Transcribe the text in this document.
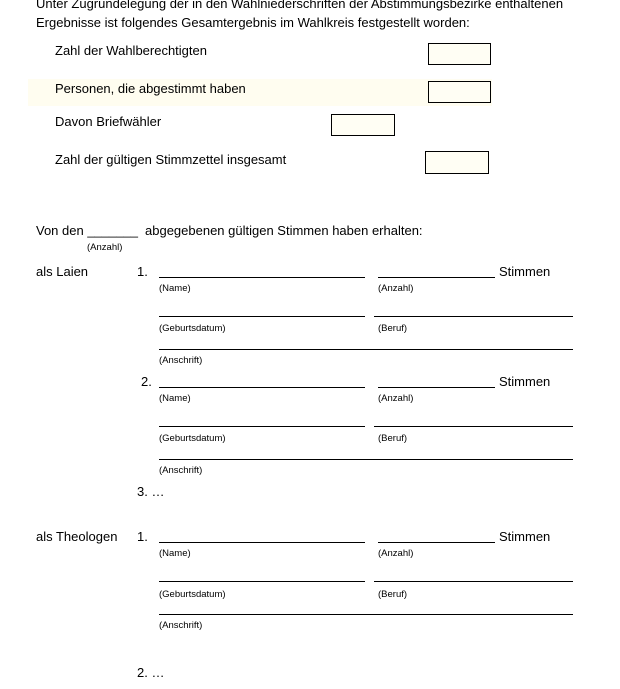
Unter Zugrundelegung der in den Wahlniederschriften der Abstimmungsbezirke enthaltenen
Ergebnisse ist folgendes Gesamtergebnis im Wahlkreis festgestellt worden:
Zahl der Wahlberechtigten
Personen, die abgestimmt haben
Davon Briefwähler
Zahl der gültigen Stimmzettel insgesamt
Von den _______ abgegebenen gültigen Stimmen haben erhalten:
(Anzahl)
als Laien	1.	Stimmen
(Name)	(Anzahl)
(Geburtsdatum)	(Beruf)
(Anschrift)
2.	Stimmen
(Name)	(Anzahl)
(Geburtsdatum)	(Beruf)
(Anschrift)
3. …
als Theologen 1.	Stimmen
(Name)	(Anzahl)
(Geburtsdatum)	(Beruf)
(Anschrift)
2. …
